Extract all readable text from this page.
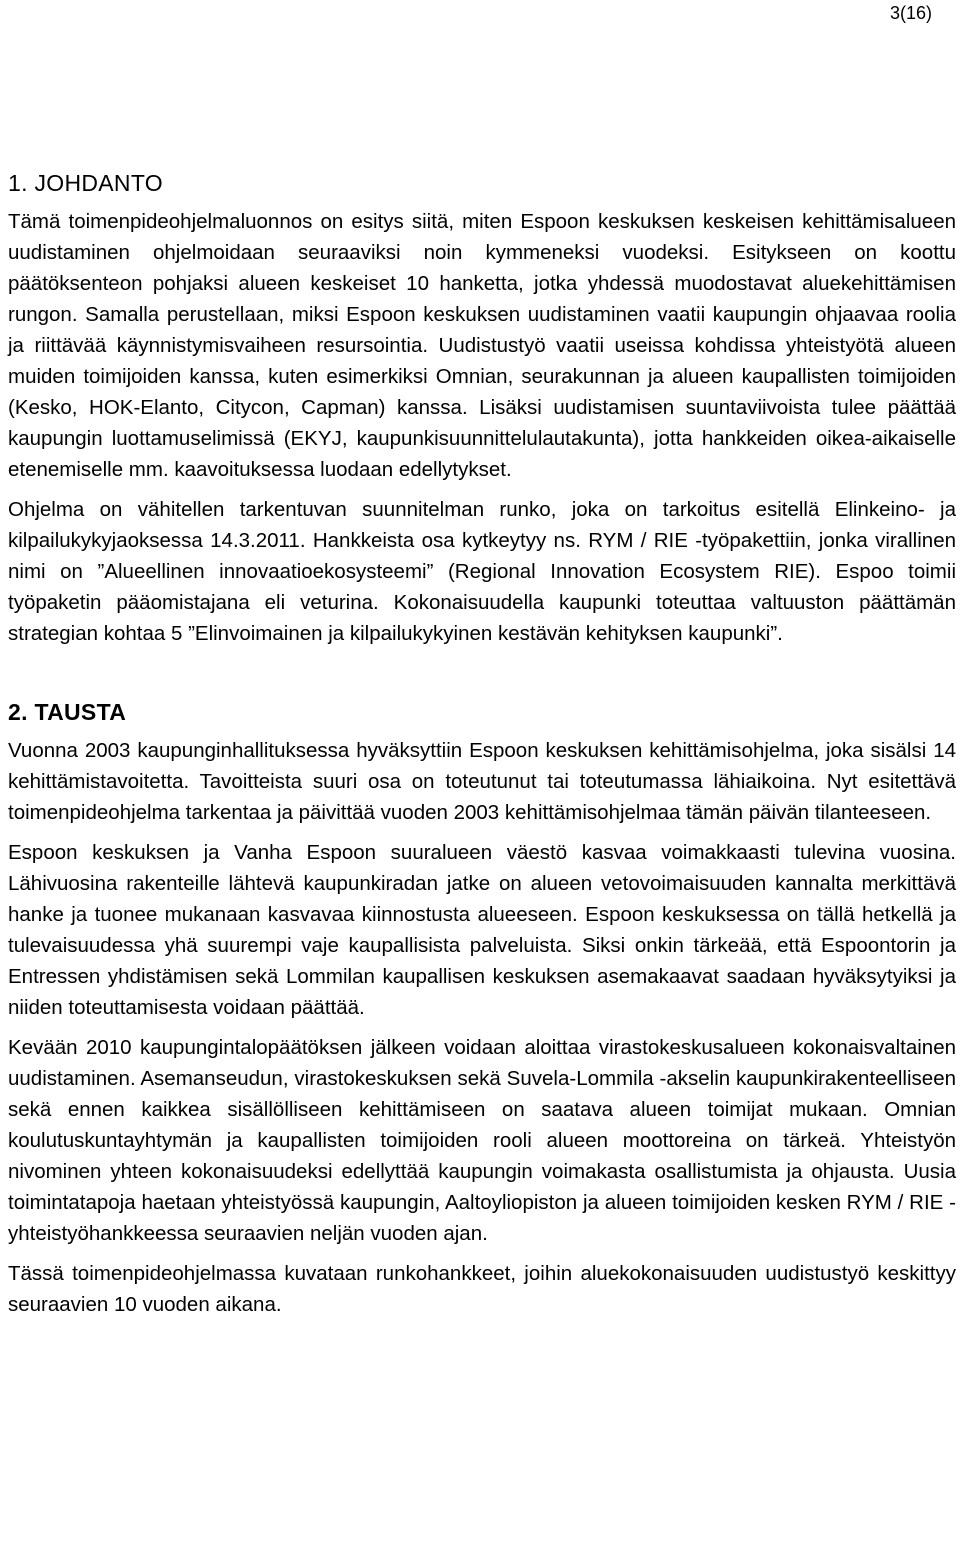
3(16)
1. JOHDANTO

Tämä toimenpideohjelmaluonnos on esitys siitä, miten Espoon keskuksen keskeisen kehittämisalueen uudistaminen ohjelmoidaan seuraaviksi noin kymmeneksi vuodeksi. Esitykseen on koottu päätöksenteon pohjaksi alueen keskeiset 10 hanketta, jotka yhdessä muodostavat aluekehittämisen rungon. Samalla perustellaan, miksi Espoon keskuksen uudistaminen vaatii kaupungin ohjaavaa roolia ja riittävää käynnistymisvaiheen resursointia. Uudistustyö vaatii useissa kohdissa yhteistyötä alueen muiden toimijoiden kanssa, kuten esimerkiksi Omnian, seurakunnan ja alueen kaupallisten toimijoiden (Kesko, HOK-Elanto, Citycon, Capman) kanssa. Lisäksi uudistamisen suuntaviivoista tulee päättää kaupungin luottamuselimissä (EKYJ, kaupunkisuunnittelulautakunta), jotta hankkeiden oikea-aikaiselle etenemiselle mm. kaavoituksessa luodaan edellytykset.

Ohjelma on vähitellen tarkentuvan suunnitelman runko, joka on tarkoitus esitellä Elinkeino- ja kilpailukykyjaoksessa 14.3.2011. Hankkeista osa kytkeytyy ns. RYM / RIE -työpakettiin, jonka virallinen nimi on ”Alueellinen innovaatioekosysteemi” (Regional Innovation Ecosystem RIE). Espoo toimii työpaketin pääomistajana eli veturina. Kokonaisuudella kaupunki toteuttaa valtuuston päättämän strategian kohtaa 5 ”Elinvoimainen ja kilpailukykyinen kestävän kehityksen kaupunki”.

2. TAUSTA

Vuonna 2003 kaupunginhallituksessa hyväksyttiin Espoon keskuksen kehittämisohjelma, joka sisälsi 14 kehittämistavoitetta. Tavoitteista suuri osa on toteutunut tai toteutumassa lähiaikoina. Nyt esitettävä toimenpideohjelma tarkentaa ja päivittää vuoden 2003 kehittämisohjelmaa tämän päivän tilanteeseen.

Espoon keskuksen ja Vanha Espoon suuralueen väestö kasvaa voimakkaasti tulevina vuosina. Lähivuosina rakenteille lähtevä kaupunkiradan jatke on alueen vetovoimaisuuden kannalta merkittävä hanke ja tuonee mukanaan kasvavaa kiinnostusta alueeseen. Espoon keskuksessa on tällä hetkellä ja tulevaisuudessa yhä suurempi vaje kaupallisista palveluista. Siksi onkin tärkeää, että Espoontorin ja Entressen yhdistämisen sekä Lommilan kaupallisen keskuksen asemakaavat saadaan hyväksytyiksi ja niiden toteuttamisesta voidaan päättää.

Kevään 2010 kaupungintalopäätöksen jälkeen voidaan aloittaa virastokeskusalueen kokonaisvaltainen uudistaminen. Asemanseudun, virastokeskuksen sekä Suvela-Lommila -akselin kaupunkirakenteelliseen sekä ennen kaikkea sisällölliseen kehittämiseen on saatava alueen toimijat mukaan. Omnian koulutuskuntayhtymän ja kaupallisten toimijoiden rooli alueen moottoreina on tärkeä. Yhteistyön nivominen yhteen kokonaisuudeksi edellyttää kaupungin voimakasta osallistumista ja ohjausta. Uusia toimintatapoja haetaan yhteistyössä kaupungin, Aaltoyliopiston ja alueen toimijoiden kesken RYM / RIE -yhteistyöhankkeessa seuraavien neljän vuoden ajan.

Tässä toimenpideohjelmassa kuvataan runkohankkeet, joihin aluekokonaisuuden uudistustyö keskittyy seuraavien 10 vuoden aikana.
